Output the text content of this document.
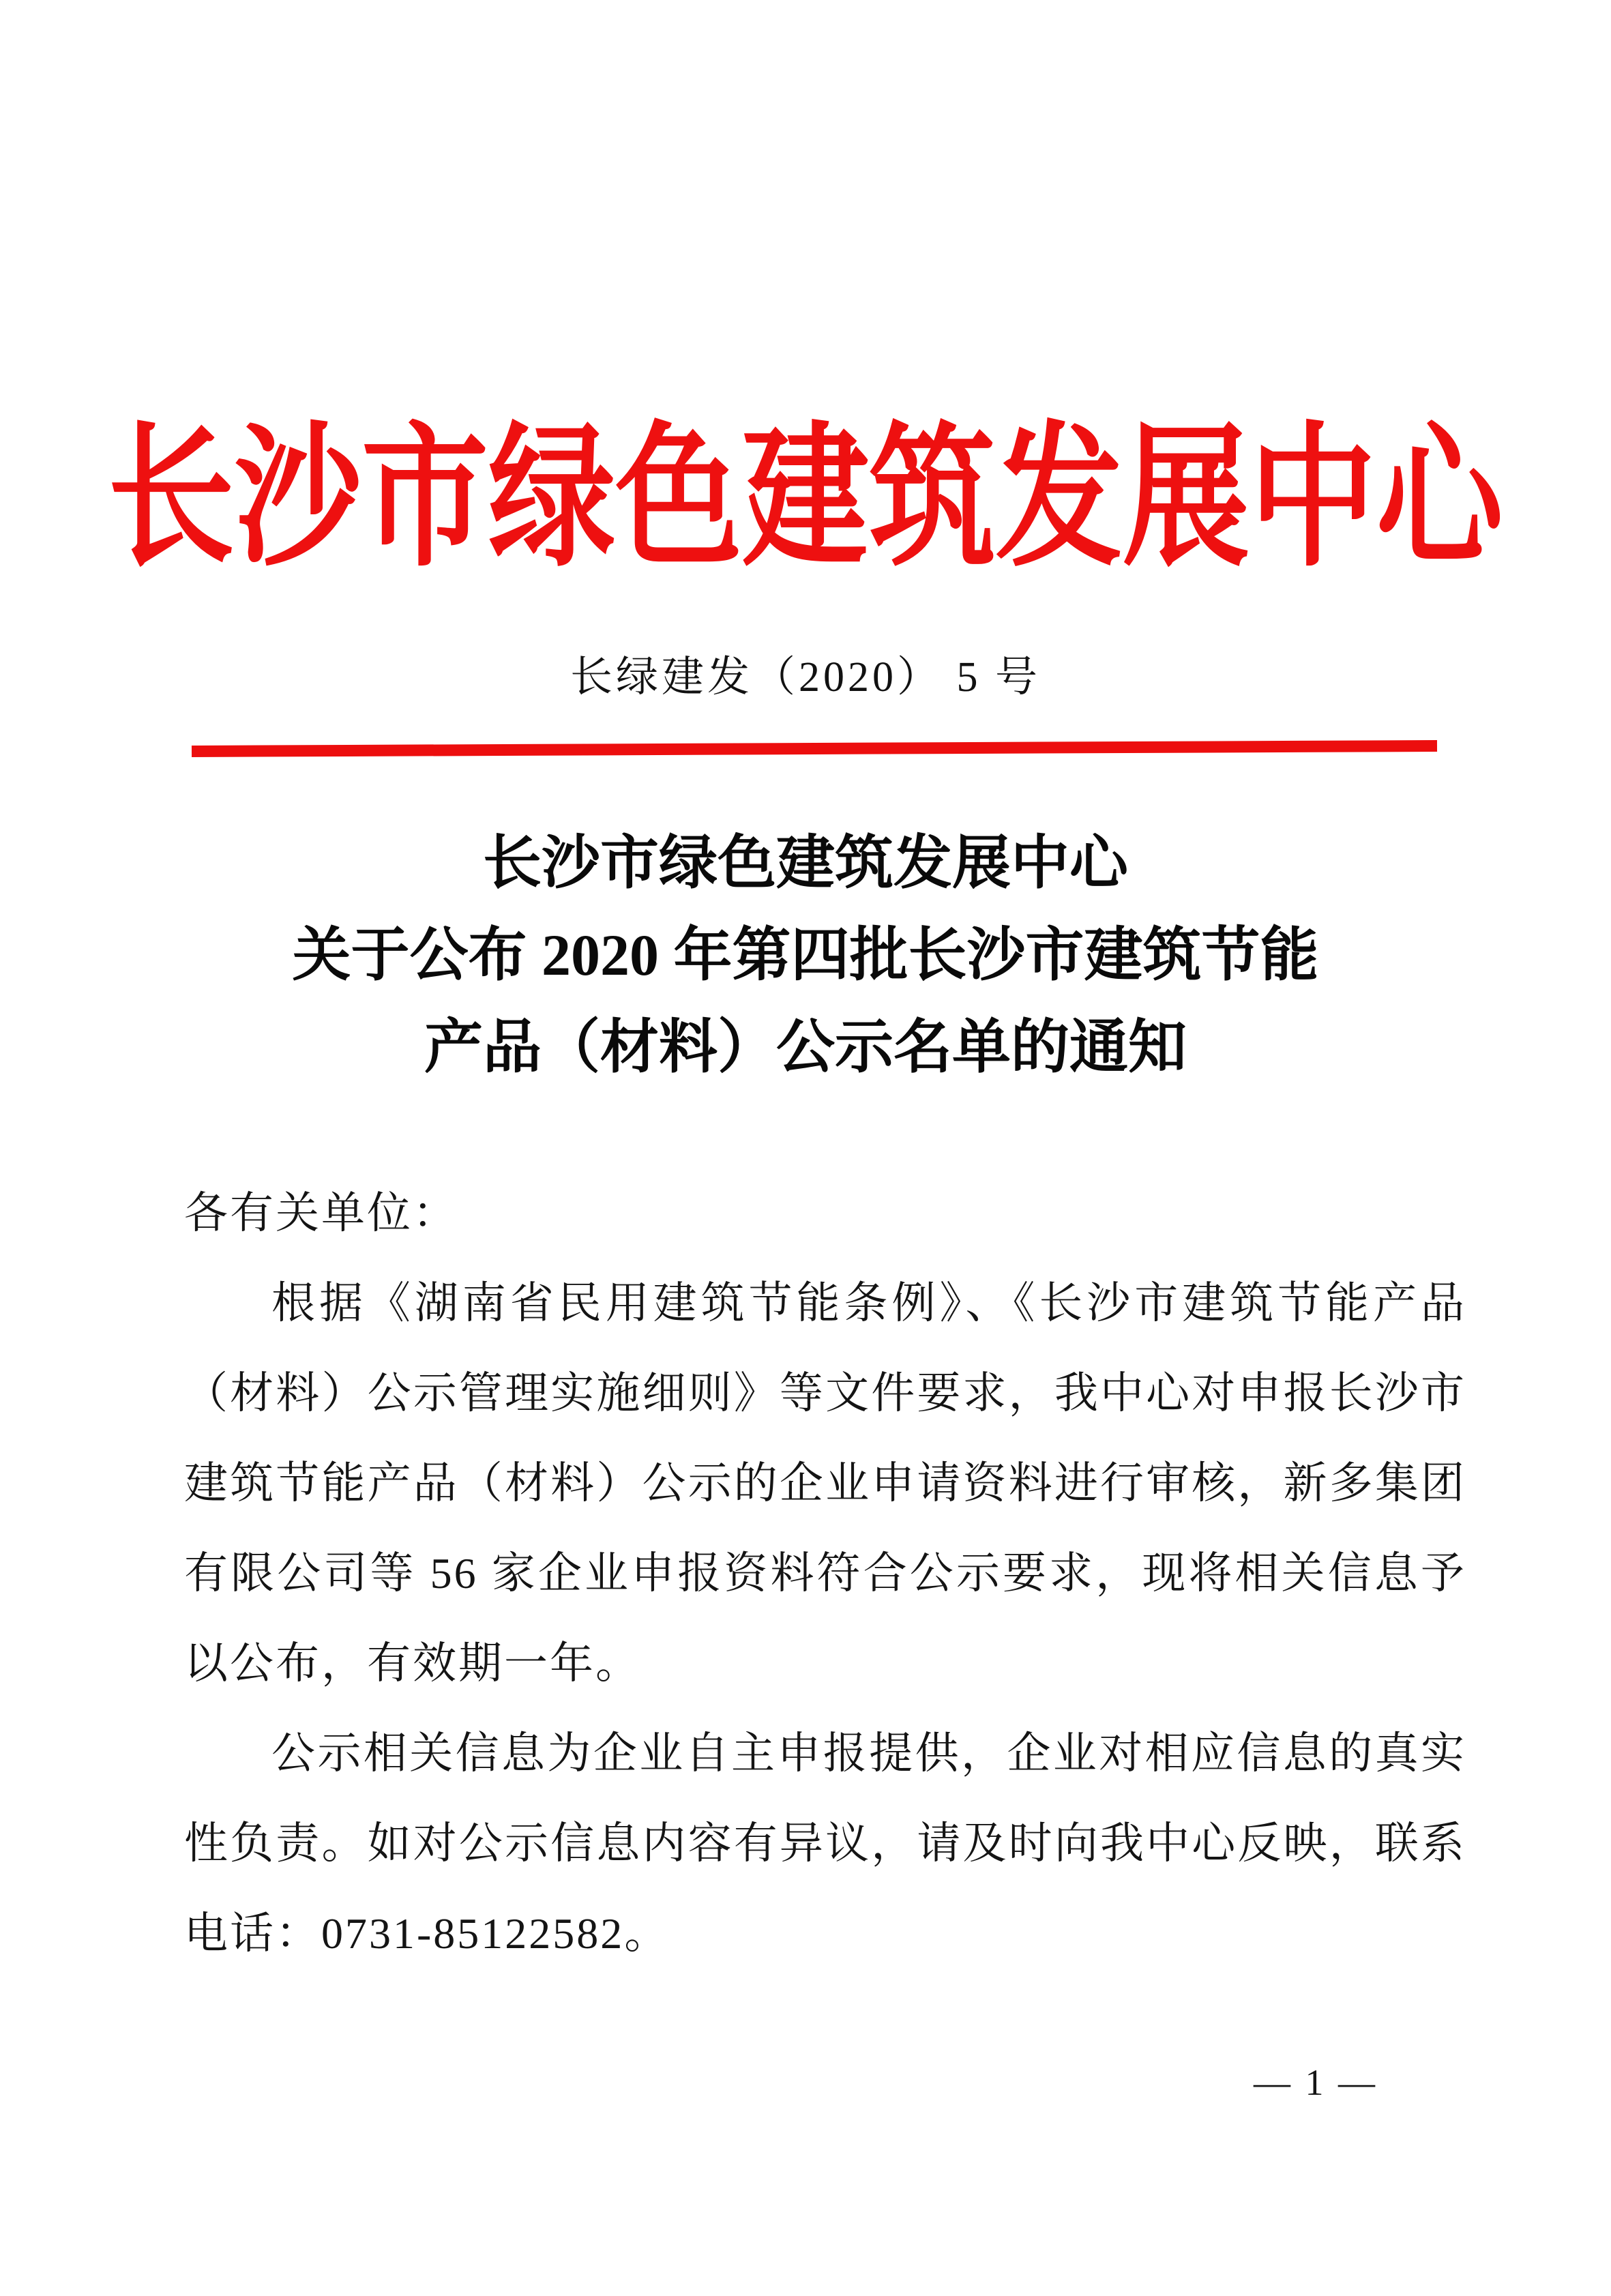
长沙市绿色建筑发展中心
长绿建发（2020） 5 号
长沙市绿色建筑发展中心
关于公布 2020 年第四批长沙市建筑节能
产品（材料）公示名单的通知

各有关单位：

根据《湖南省民用建筑节能条例》、《长沙市建筑节能产品（材料）公示管理实施细则》等文件要求，我中心对申报长沙市建筑节能产品（材料）公示的企业申请资料进行审核，新多集团有限公司等 56 家企业申报资料符合公示要求，现将相关信息予以公布，有效期一年。

公示相关信息为企业自主申报提供，企业对相应信息的真实性负责。如对公示信息内容有异议，请及时向我中心反映，联系电话：0731-85122582。

— 1 —
